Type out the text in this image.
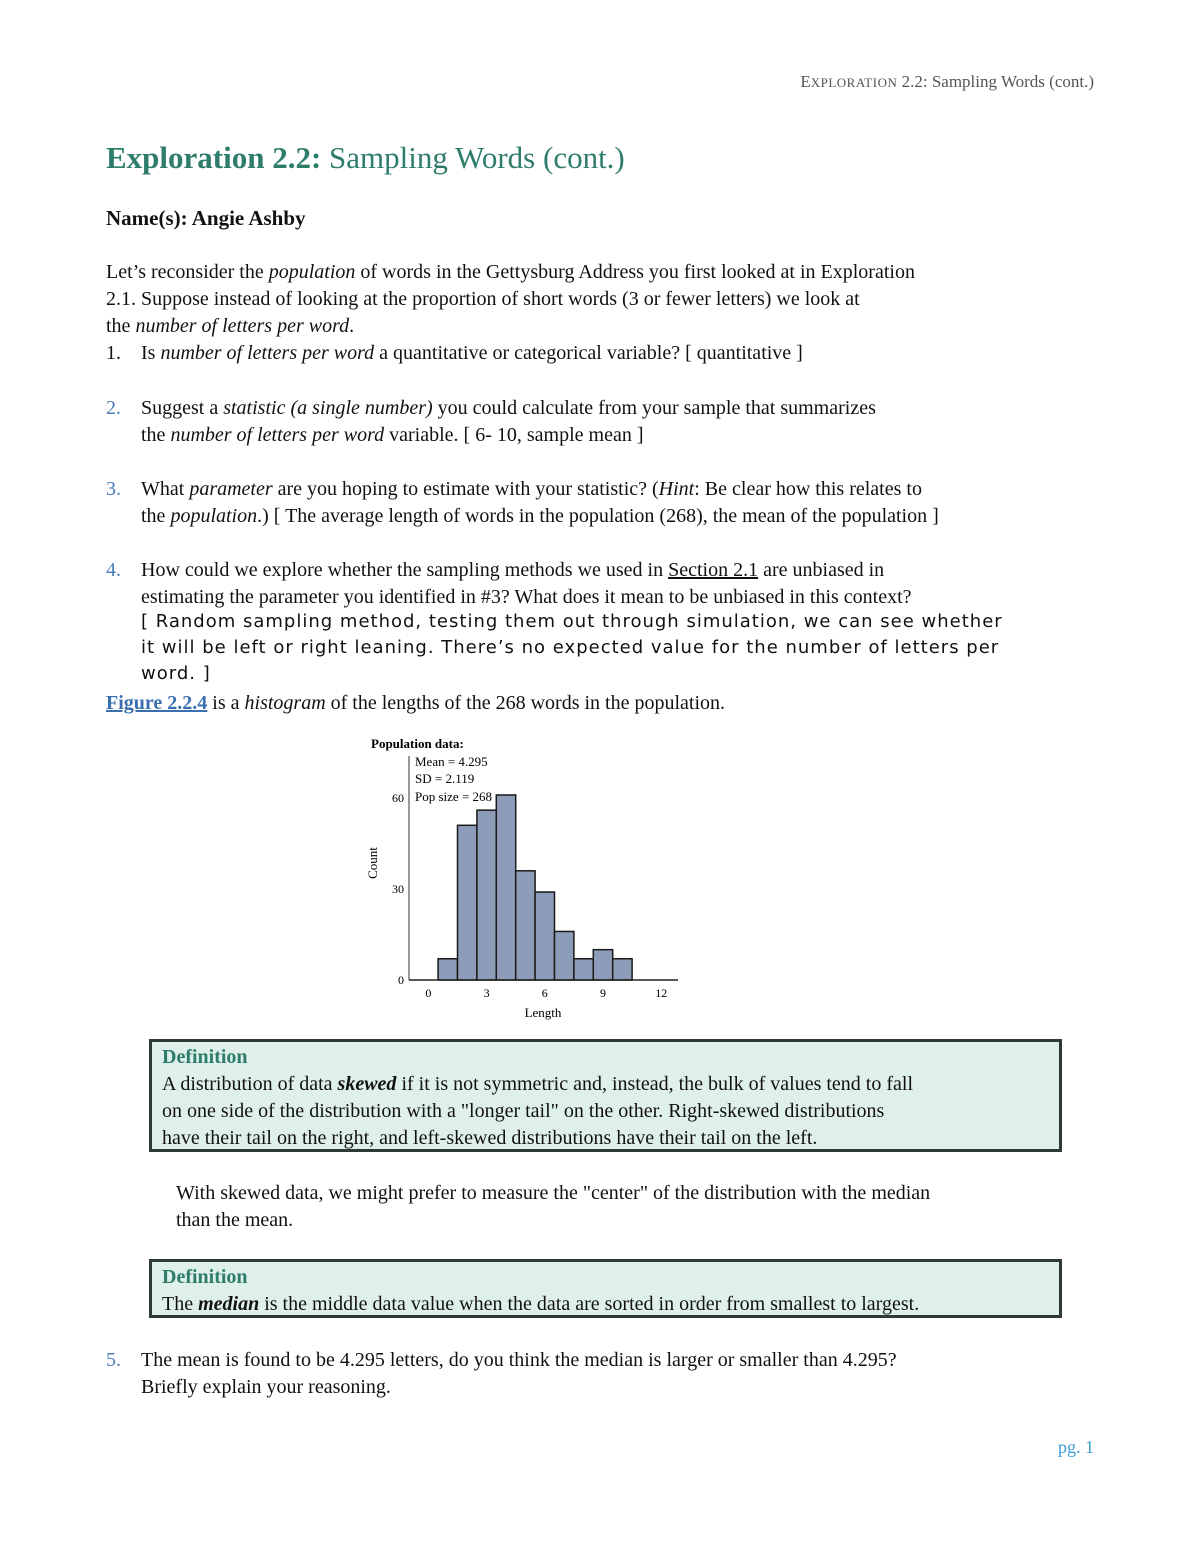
EXPLORATION 2.2: Sampling Words (cont.)
Exploration 2.2: Sampling Words (cont.)
Name(s): Angie Ashby
Let’s reconsider the population of words in the Gettysburg Address you first looked at in Exploration
2.1. Suppose instead of looking at the proportion of short words (3 or fewer letters) we look at
the number of letters per word.
1. Is number of letters per word a quantitative or categorical variable? [ quantitative ]
2. Suggest a statistic (a single number) you could calculate from your sample that summarizes
the number of letters per word variable. [ 6- 10, sample mean ]
3. What parameter are you hoping to estimate with your statistic? (Hint: Be clear how this relates to
the population.) [ The average length of words in the population (268), the mean of the population ]
4. How could we explore whether the sampling methods we used in Section 2.1 are unbiased in
estimating the parameter you identified in #3? What does it mean to be unbiased in this context?
[ Random sampling method, testing them out through simulation, we can see whether
it will be left or right leaning. There’s no expected value for the number of letters per
word. ]
Figure 2.2.4 is a histogram of the lengths of the 268 words in the population.
Population data:
Mean = 4.295
SD = 2.119
Pop size = 268
0	3	6	9	12
0
30
60
Length
Count
Definition
A distribution of data skewed if it is not symmetric and, instead, the bulk of values tend to fall
on one side of the distribution with a "longer tail" on the other. Right-skewed distributions
have their tail on the right, and left-skewed distributions have their tail on the left.
With skewed data, we might prefer to measure the "center" of the distribution with the median
than the mean.
Definition
The median is the middle data value when the data are sorted in order from smallest to largest.
5. The mean is found to be 4.295 letters, do you think the median is larger or smaller than 4.295?
Briefly explain your reasoning.
pg. 1
